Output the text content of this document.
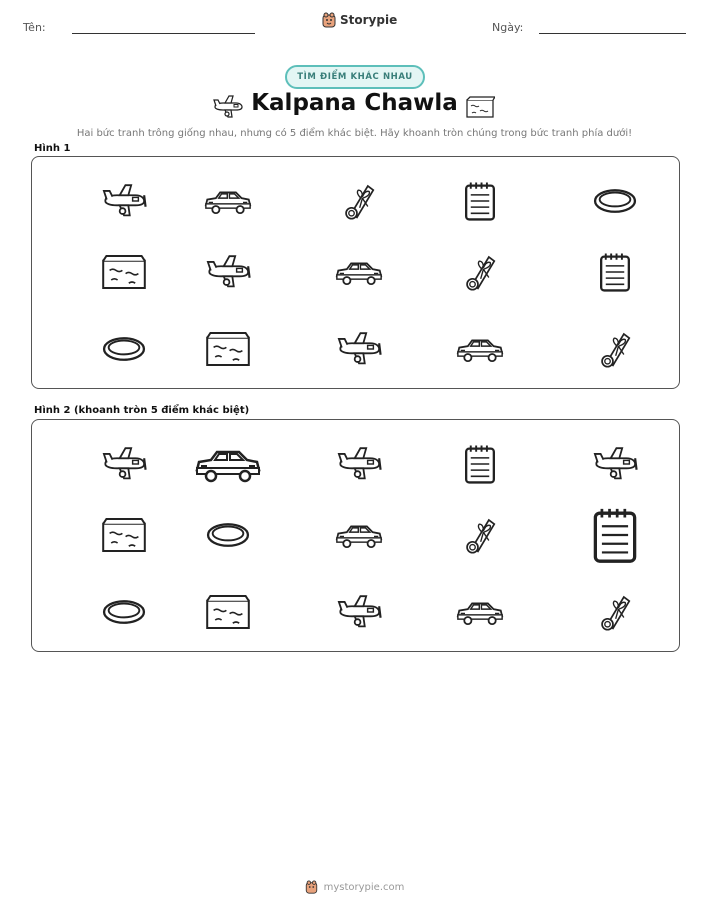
Tên:
Storypie
Ngày:
TÌM ĐIỂM KHÁC NHAU
Kalpana Chawla
Hai bức tranh trông giống nhau, nhưng có 5 điểm khác biệt. Hãy khoanh tròn chúng trong bức tranh phía dưới!
Hình 1
Hình 2 (khoanh tròn 5 điểm khác biệt)
mystorypie.com
